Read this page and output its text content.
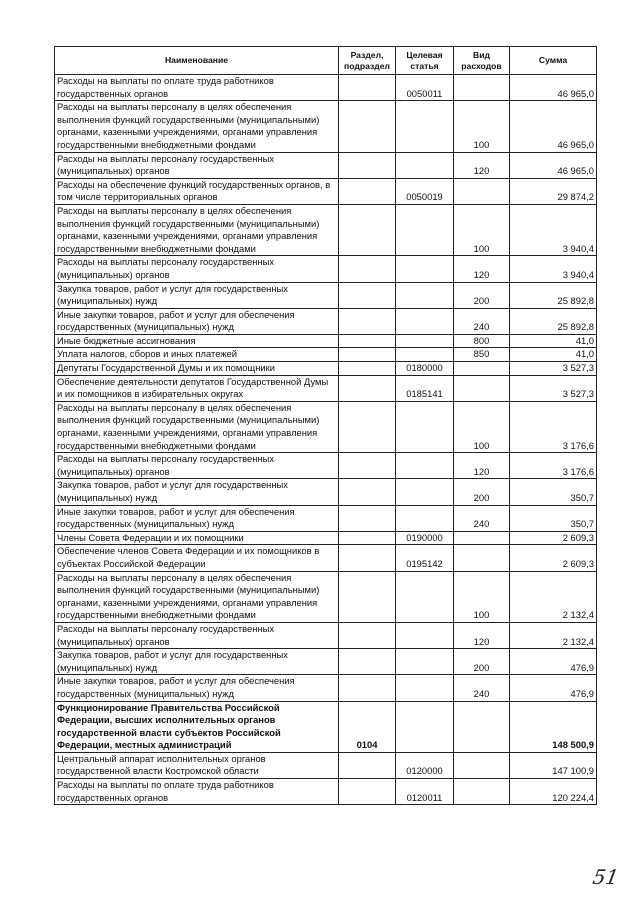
Наименование	Раздел, подраздел	Целевая статья	Вид расходов	Сумма
Расходы на выплаты по оплате труда работников государственных органов		0050011		46 965,0
Расходы на выплаты персоналу в целях обеспечения выполнения функций государственными (муниципальными) органами, казенными учреждениями, органами управления государственными внебюджетными фондами			100	46 965,0
Расходы на выплаты персоналу государственных (муниципальных) органов			120	46 965,0
Расходы на обеспечение функций государственных органов, в том числе территориальных органов		0050019		29 874,2
Расходы на выплаты персоналу в целях обеспечения выполнения функций государственными (муниципальными) органами, казенными учреждениями, органами управления государственными внебюджетными фондами			100	3 940,4
Расходы на выплаты персоналу государственных (муниципальных) органов			120	3 940,4
Закупка товаров, работ и услуг для государственных (муниципальных) нужд			200	25 892,8
Иные закупки товаров, работ и услуг для обеспечения государственных (муниципальных) нужд			240	25 892,8
Иные бюджетные ассигнования			800	41,0
Уплата налогов, сборов и иных платежей			850	41,0
Депутаты Государственной Думы и их помощники		0180000		3 527,3
Обеспечение деятельности депутатов Государственной Думы и их помощников в избирательных округах		0185141		3 527,3
Расходы на выплаты персоналу в целях обеспечения выполнения функций государственными (муниципальными) органами, казенными учреждениями, органами управления государственными внебюджетными фондами			100	3 176,6
Расходы на выплаты персоналу государственных (муниципальных) органов			120	3 176,6
Закупка товаров, работ и услуг для государственных (муниципальных) нужд			200	350,7
Иные закупки товаров, работ и услуг для обеспечения государственных (муниципальных) нужд			240	350,7
Члены Совета Федерации и их помощники		0190000		2 609,3
Обеспечение членов Совета Федерации и их помощников в субъектах Российской Федерации		0195142		2 609,3
Расходы на выплаты персоналу в целях обеспечения выполнения функций государственными (муниципальными) органами, казенными учреждениями, органами управления государственными внебюджетными фондами			100	2 132,4
Расходы на выплаты персоналу государственных (муниципальных) органов			120	2 132,4
Закупка товаров, работ и услуг для государственных (муниципальных) нужд			200	476,9
Иные закупки товаров, работ и услуг для обеспечения государственных (муниципальных) нужд			240	476,9
Функционирование Правительства Российской Федерации, высших исполнительных органов государственной власти субъектов Российской Федерации, местных администраций	0104			148 500,9
Центральный аппарат исполнительных органов государственной власти Костромской области		0120000		147 100,9
Расходы на выплаты по оплате труда работников государственных органов		0120011		120 224,4
51
